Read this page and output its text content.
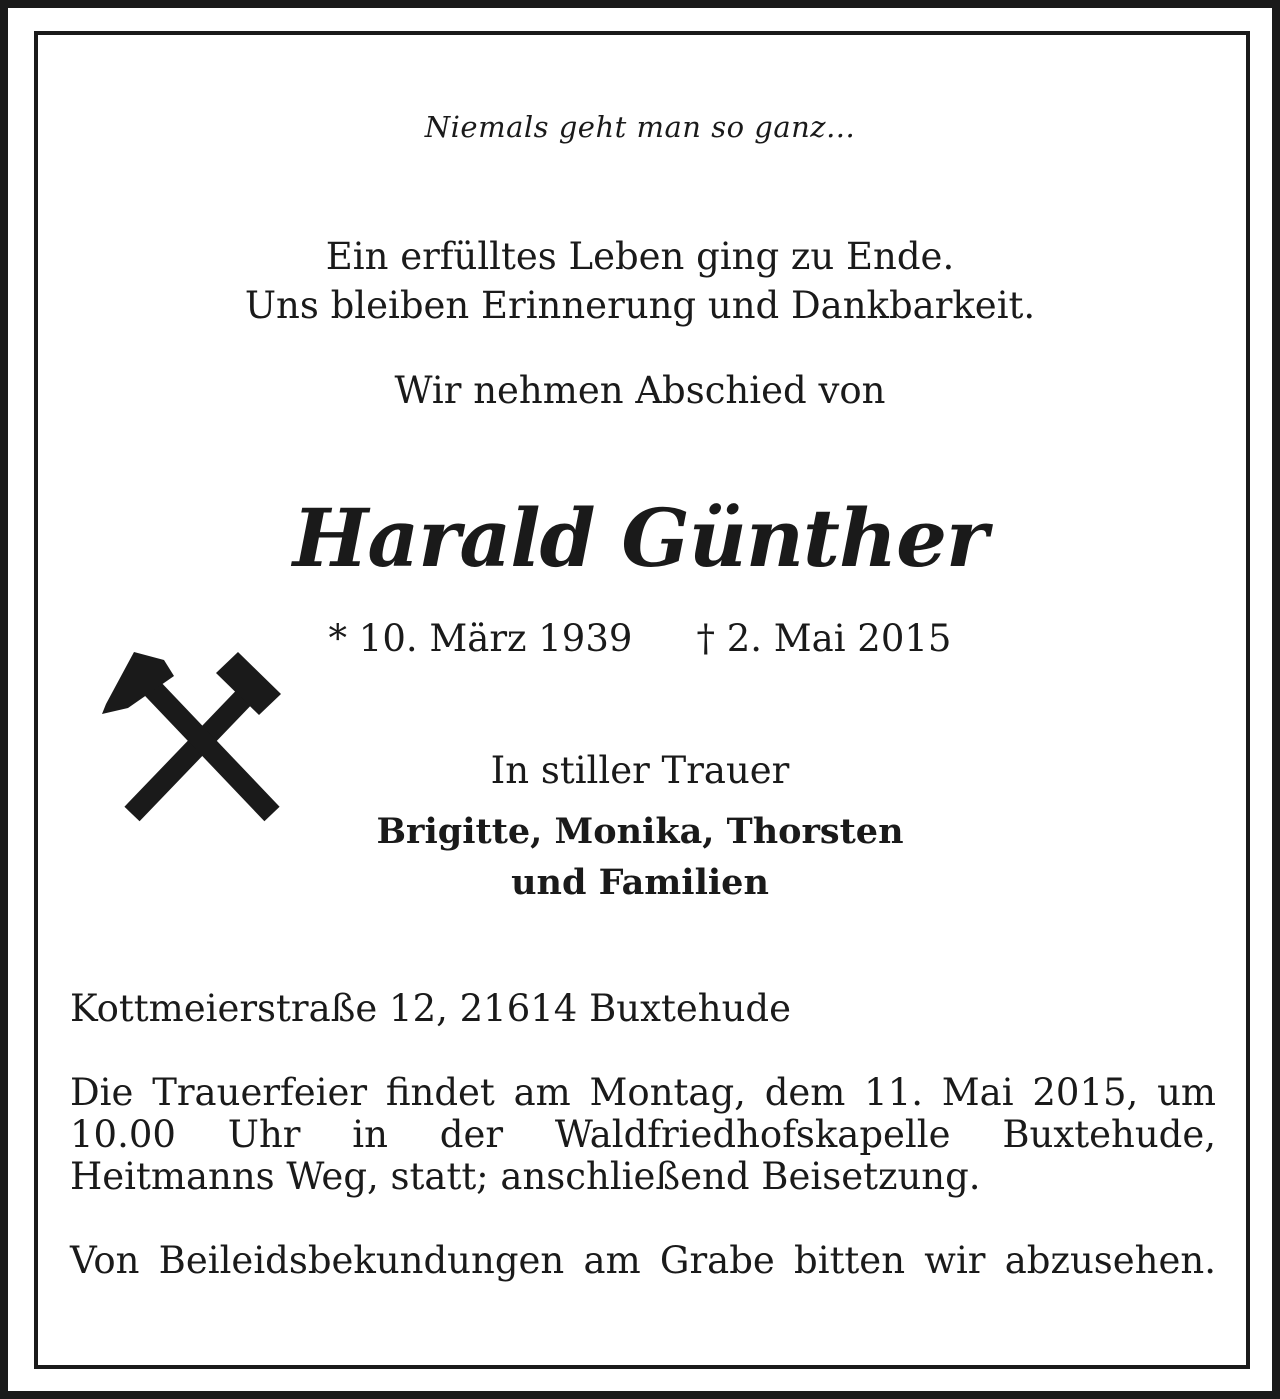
Niemals geht man so ganz...
Ein erfülltes Leben ging zu Ende.
Uns bleiben Erinnerung und Dankbarkeit.
Wir nehmen Abschied von
Harald Günther
* 10. März 1939 † 2. Mai 2015
In stiller Trauer
Brigitte, Monika, Thorsten
und Familien
Kottmeierstraße 12, 21614 Buxtehude
Die Trauerfeier findet am Montag, dem 11. Mai 2015, um 10.00 Uhr in der Waldfriedhofskapelle Buxtehude, Heitmanns Weg, statt; anschließend Beisetzung.
Von Beileidsbekundungen am Grabe bitten wir abzusehen.
